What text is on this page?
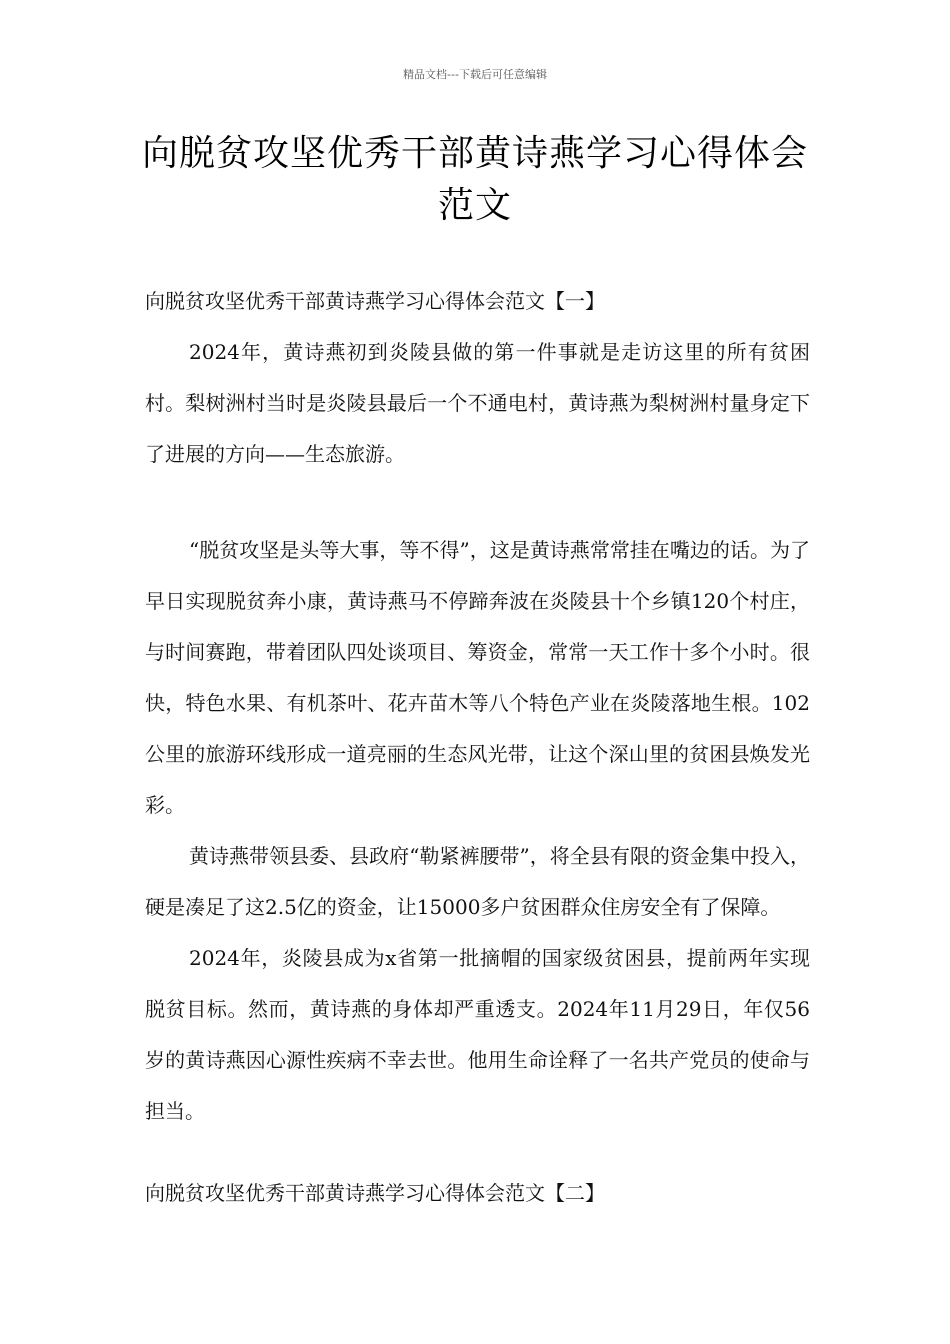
精品文档---下载后可任意编辑
向脱贫攻坚优秀干部黄诗燕学习心得体会范文

向脱贫攻坚优秀干部黄诗燕学习心得体会范文【一】

2024年，黄诗燕初到炎陵县做的第一件事就是走访这里的所有贫困村。梨树洲村当时是炎陵县最后一个不通电村，黄诗燕为梨树洲村量身定下了进展的方向——生态旅游。

“脱贫攻坚是头等大事，等不得”，这是黄诗燕常常挂在嘴边的话。为了早日实现脱贫奔小康，黄诗燕马不停蹄奔波在炎陵县十个乡镇120个村庄，与时间赛跑，带着团队四处谈项目、筹资金，常常一天工作十多个小时。很快，特色水果、有机茶叶、花卉苗木等八个特色产业在炎陵落地生根。102公里的旅游环线形成一道亮丽的生态风光带，让这个深山里的贫困县焕发光彩。

黄诗燕带领县委、县政府“勒紧裤腰带”，将全县有限的资金集中投入，硬是凑足了这2.5亿的资金，让15000多户贫困群众住房安全有了保障。

2024年，炎陵县成为x省第一批摘帽的国家级贫困县，提前两年实现脱贫目标。然而，黄诗燕的身体却严重透支。2024年11月29日，年仅56岁的黄诗燕因心源性疾病不幸去世。他用生命诠释了一名共产党员的使命与担当。

向脱贫攻坚优秀干部黄诗燕学习心得体会范文【二】
